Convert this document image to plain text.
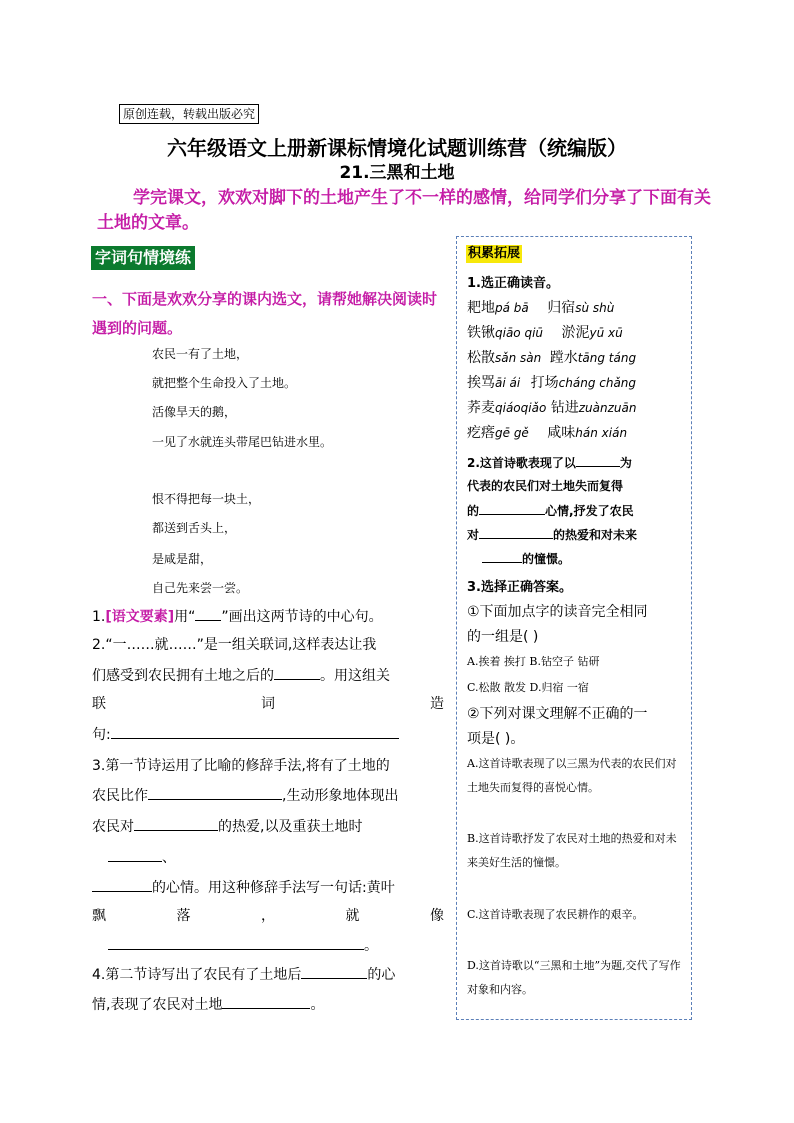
原创连载，转载出版必究
六年级语文上册新课标情境化试题训练营（统编版）
21.三黑和土地
学完课文，欢欢对脚下的土地产生了不一样的感情，给同学们分享了下面有关土地的文章。
字词句情境练
一、下面是欢欢分享的课内选文，请帮她解决阅读时遇到的问题。
农民一有了土地，
就把整个生命投入了土地。
活像旱天的鹅，
一见了水就连头带尾巴钻进水里。
恨不得把每一块土，
都送到舌头上，
是咸是甜，
自己先来尝一尝。
1.[语文要素]用“ ”画出这两节诗的中心句。
2.“一……就……”是一组关联词,这样表达让我
们感受到农民拥有土地之后的	。用这组关
联	词	造
句:
3.第一节诗运用了比喻的修辞手法,将有了土地的
农民比作	,生动形象地体现出
农民对	的热爱,以及重获土地时
、
的心情。用这种修辞手法写一句话:黄叶
飘	落	，	就	像
。
4.第二节诗写出了农民有了土地后	的心
情,表现了农民对土地	。
积累拓展
1.选正确读音。
耙地pá bā 归宿sù shù
铁锹qiāo qiū 淤泥yū xū
松散sǎn sàn 蹚水tāng táng
挨骂āi ái 打场cháng chǎng
荞麦qiáoqiǎo 钻进zuànzuān
疙瘩gē gě 咸味hán xián
2.这首诗歌表现了以	为
代表的农民们对土地失而复得
的	心情,抒发了农民
对	的热爱和对未来
的憧憬。
3.选择正确答案。
①下面加点字的读音完全相同
的一组是( )
A.挨着 挨打 B.钻空子 钻研
C.松散 散发 D.归宿 一宿
②下列对课文理解不正确的一
项是( )。
A.这首诗歌表现了以三黑为代表的农民们对土地失而复得的喜悦心情。
B.这首诗歌抒发了农民对土地的热爱和对未来美好生活的憧憬。
C.这首诗歌表现了农民耕作的艰辛。
D.这首诗歌以“三黑和土地”为题,交代了写作对象和内容。
